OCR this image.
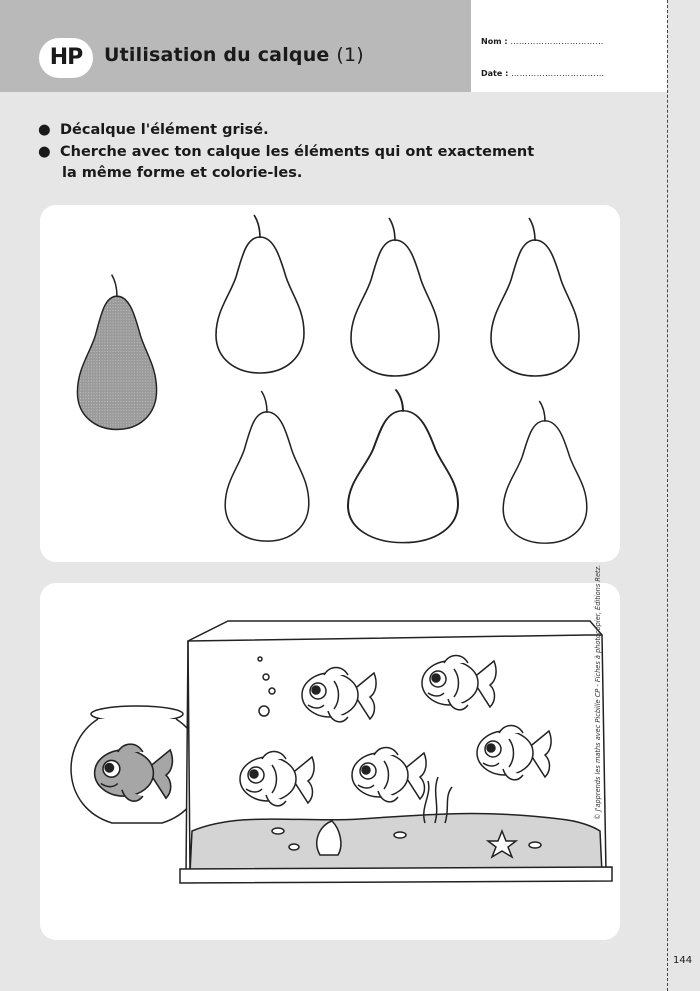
HP	Utilisation du calque (1)
Nom : ……………………………
Date : ……………………………
● Décalque l'élément grisé.
● Cherche avec ton calque les éléments qui ont exactement
la même forme et colorie-les.
© J'apprends les maths avec Picbille CP - Fiches à photocopier, Éditions Retz.
144
